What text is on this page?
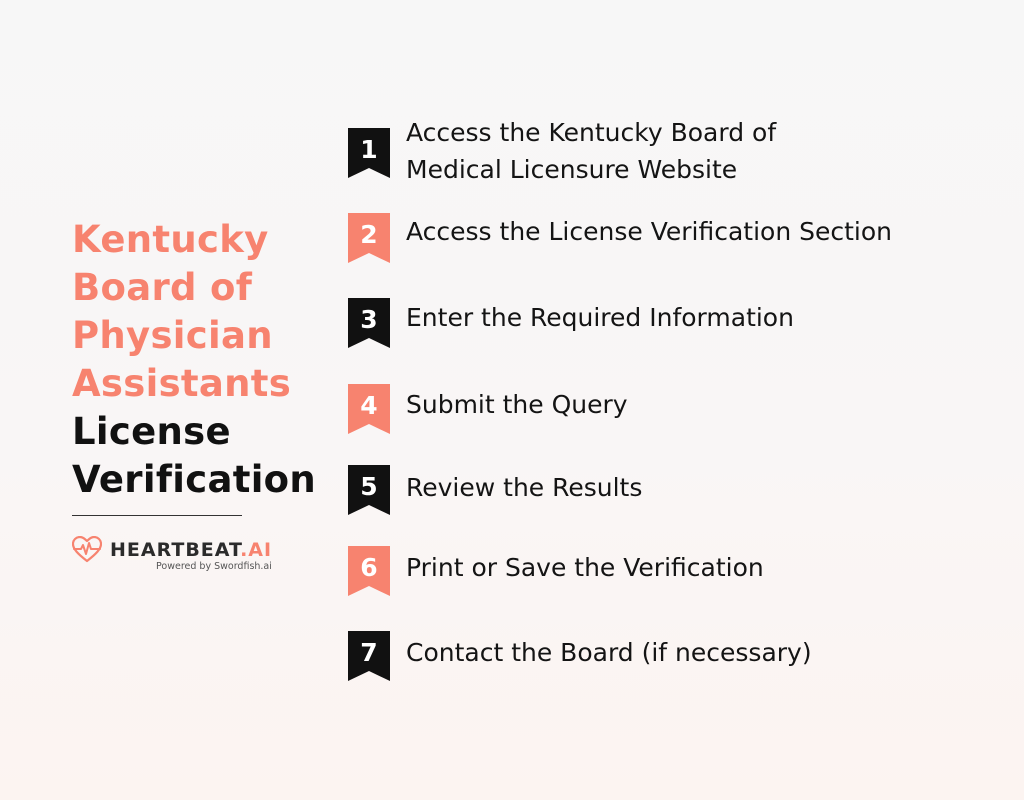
Kentucky
Board of
Physician
Assistants
License
Verification
HEARTBEAT.AI
Powered by Swordfish.ai
1
Access the Kentucky Board of
Medical Licensure Website
2	Access the License Verification Section
3	Enter the Required Information
4	Submit the Query
5	Review the Results
6	Print or Save the Verification
7	Contact the Board (if necessary)
